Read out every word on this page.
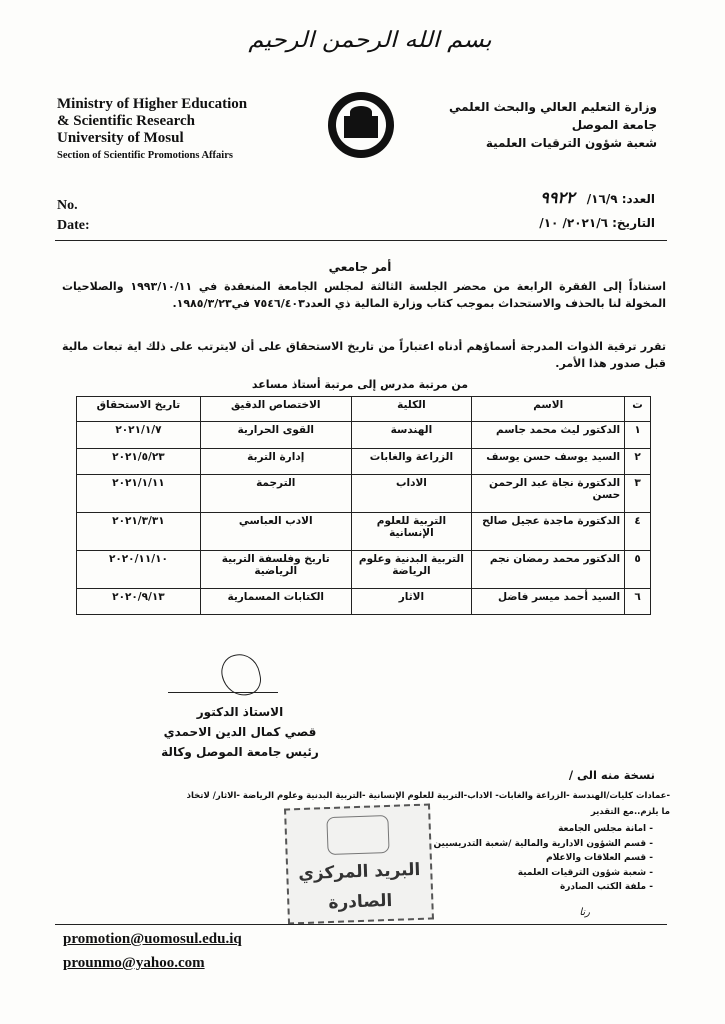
بسم الله الرحمن الرحيم
Ministry of Higher Education
& Scientific Research
University of Mosul
Section of Scientific Promotions Affairs
وزارة التعليم العالي والبحث العلمي
جامعة الموصل
شعبة شؤون الترقيات العلمية
No.
Date:
العدد: ١٦/٩/ ٩٩٢٢
التاريخ: ٢٠٢١/٦/ ١٠/
أمر جامعي
استناداً إلى الفقرة الرابعة من محضر الجلسة الثالثة لمجلس الجامعة المنعقدة في ١٩٩٣/١٠/١١ والصلاحيات المخولة لنا بالحذف والاستحداث بموجب كتاب وزارة المالية ذي العدد٧٥٤٦/٤٠٣ في١٩٨٥/٣/٢٣.
تقرر ترقية الذوات المدرجة أسماؤهم أدناه اعتباراً من تاريخ الاستحقاق على أن لايترتب على ذلك اية تبعات مالية قبل صدور هذا الأمر.
من مرتبة مدرس إلى مرتبة أستاذ مساعد
ت	الاسم	الكلية	الاختصاص الدقيق	تاريخ الاستحقاق
١	الدكتور ليث محمد جاسم	الهندسة	القوى الحرارية	٢٠٢١/١/٧
٢	السيد يوسف حسن يوسف	الزراعة والغابات	إدارة التربة	٢٠٢١/٥/٢٣
٣	الدكتورة نجاة عبد الرحمن حسن	الاداب	الترجمة	٢٠٢١/١/١١
٤	الدكتورة ماجدة عجيل صالح	التربية للعلوم الإنسانية	الادب العباسي	٢٠٢١/٣/٣١
٥	الدكتور محمد رمضان نجم	التربية البدنية وعلوم الرياضة	تاريخ وفلسفة التربية الرياضية	٢٠٢٠/١١/١٠
٦	السيد أحمد ميسر فاضل	الاثار	الكتابات المسمارية	٢٠٢٠/٩/١٣
الاستاذ الدكتور
قصي كمال الدين الاحمدي
رئيس جامعة الموصل وكالة
نسخة منه الى /
-عمادات كليات/الهندسة -الزراعة والغابات- الاداب-التربية للعلوم الإنسانية -التربية البدنية وعلوم الرياضة -الاثار/ لاتخاذ
ما يلزم..مع التقدير
- امانة مجلس الجامعة
- قسم الشؤون الادارية والمالية /شعبة التدريسيين
- قسم العلاقات والاعلام
- شعبة شؤون الترقيات العلمية
- ملفة الكتب الصادرة
رنا
البريد المركزي
الصادرة
promotion@uomosul.edu.iq
prounmo@yahoo.com
